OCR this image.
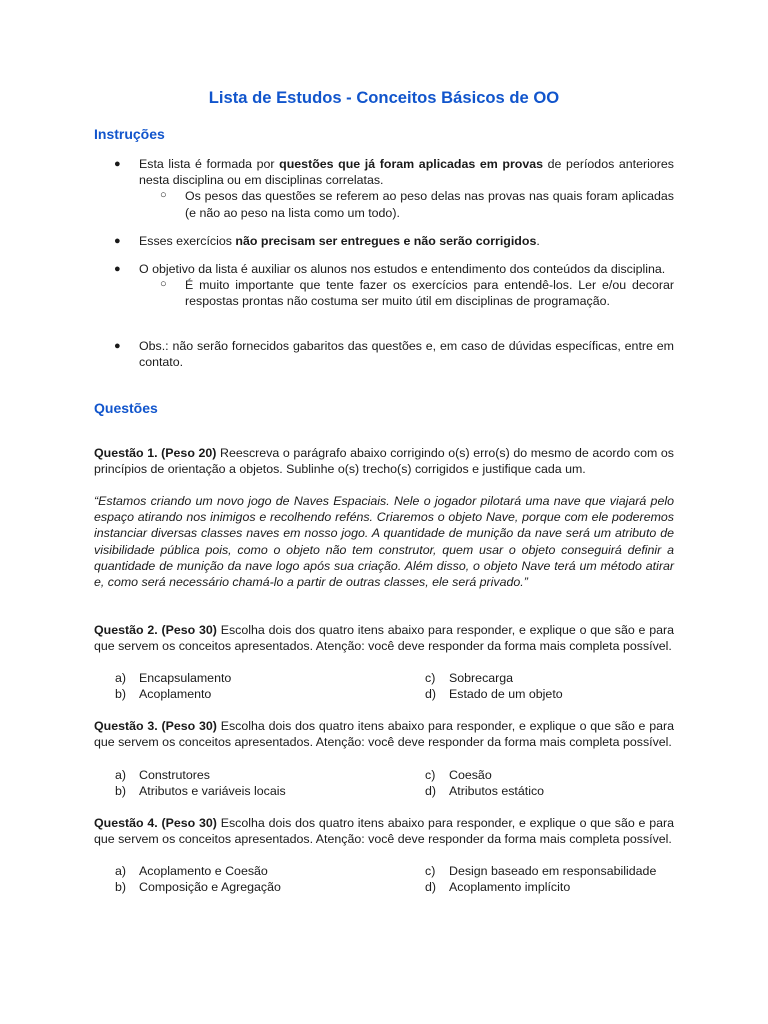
Lista de Estudos - Conceitos Básicos de OO
Instruções
● Esta lista é formada por questões que já foram aplicadas em provas de períodos anteriores nesta disciplina ou em disciplinas correlatas.
○ Os pesos das questões se referem ao peso delas nas provas nas quais foram aplicadas (e não ao peso na lista como um todo).
● Esses exercícios não precisam ser entregues e não serão corrigidos.
● O objetivo da lista é auxiliar os alunos nos estudos e entendimento dos conteúdos da disciplina.
○ É muito importante que tente fazer os exercícios para entendê-los. Ler e/ou decorar respostas prontas não costuma ser muito útil em disciplinas de programação.
● Obs.: não serão fornecidos gabaritos das questões e, em caso de dúvidas específicas, entre em contato.
Questões
Questão 1. (Peso 20) Reescreva o parágrafo abaixo corrigindo o(s) erro(s) do mesmo de acordo com os princípios de orientação a objetos. Sublinhe o(s) trecho(s) corrigidos e justifique cada um.
“Estamos criando um novo jogo de Naves Espaciais. Nele o jogador pilotará uma nave que viajará pelo espaço atirando nos inimigos e recolhendo reféns. Criaremos o objeto Nave, porque com ele poderemos instanciar diversas classes naves em nosso jogo. A quantidade de munição da nave será um atributo de visibilidade pública pois, como o objeto não tem construtor, quem usar o objeto conseguirá definir a quantidade de munição da nave logo após sua criação. Além disso, o objeto Nave terá um método atirar e, como será necessário chamá-lo a partir de outras classes, ele será privado.”
Questão 2. (Peso 30) Escolha dois dos quatro itens abaixo para responder, e explique o que são e para que servem os conceitos apresentados. Atenção: você deve responder da forma mais completa possível.
a) Encapsulamento	c) Sobrecarga
b) Acoplamento	d) Estado de um objeto
Questão 3. (Peso 30) Escolha dois dos quatro itens abaixo para responder, e explique o que são e para que servem os conceitos apresentados. Atenção: você deve responder da forma mais completa possível.
a) Construtores	c) Coesão
b) Atributos e variáveis locais	d) Atributos estático
Questão 4. (Peso 30) Escolha dois dos quatro itens abaixo para responder, e explique o que são e para que servem os conceitos apresentados. Atenção: você deve responder da forma mais completa possível.
a) Acoplamento e Coesão	c) Design baseado em responsabilidade
b) Composição e Agregação	d) Acoplamento implícito
